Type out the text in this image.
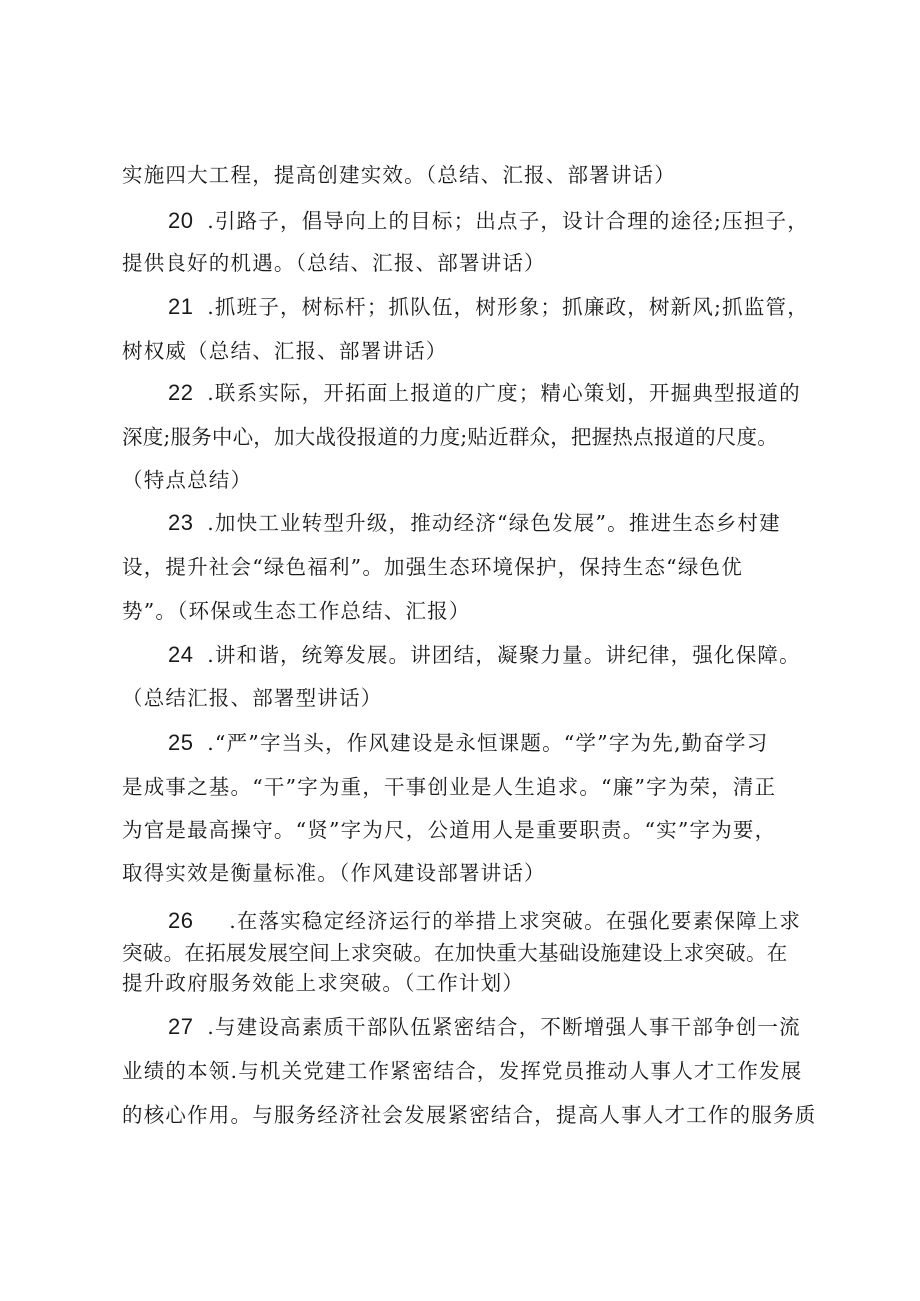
实施四大工程，提高创建实效。（总结、汇报、部署讲话）
20 .引路子，倡导向上的目标；出点子，设计合理的途径;压担子，
提供良好的机遇。（总结、汇报、部署讲话）
21 .抓班子，树标杆；抓队伍，树形象；抓廉政，树新风;抓监管，
树权威（总结、汇报、部署讲话）
22 .联系实际，开拓面上报道的广度；精心策划，开掘典型报道的
深度;服务中心，加大战役报道的力度;贴近群众，把握热点报道的尺度。
（特点总结）
23 .加快工业转型升级，推动经济“绿色发展”。推进生态乡村建
设，提升社会“绿色福利”。加强生态环境保护，保持生态“绿色优
势”。（环保或生态工作总结、汇报）
24 .讲和谐，统筹发展。讲团结，凝聚力量。讲纪律，强化保障。
（总结汇报、部署型讲话）
25 .“严”字当头，作风建设是永恒课题。“学”字为先,勤奋学习
是成事之基。“干”字为重，干事创业是人生追求。“廉”字为荣，清正
为官是最高操守。“贤”字为尺，公道用人是重要职责。“实”字为要，
取得实效是衡量标准。（作风建设部署讲话）
26 .在落实稳定经济运行的举措上求突破。在强化要素保障上求
突破。在拓展发展空间上求突破。在加快重大基础设施建设上求突破。在
提升政府服务效能上求突破。（工作计划）
27 .与建设高素质干部队伍紧密结合，不断增强人事干部争创一流
业绩的本领.与机关党建工作紧密结合，发挥党员推动人事人才工作发展
的核心作用。与服务经济社会发展紧密结合，提高人事人才工作的服务质
